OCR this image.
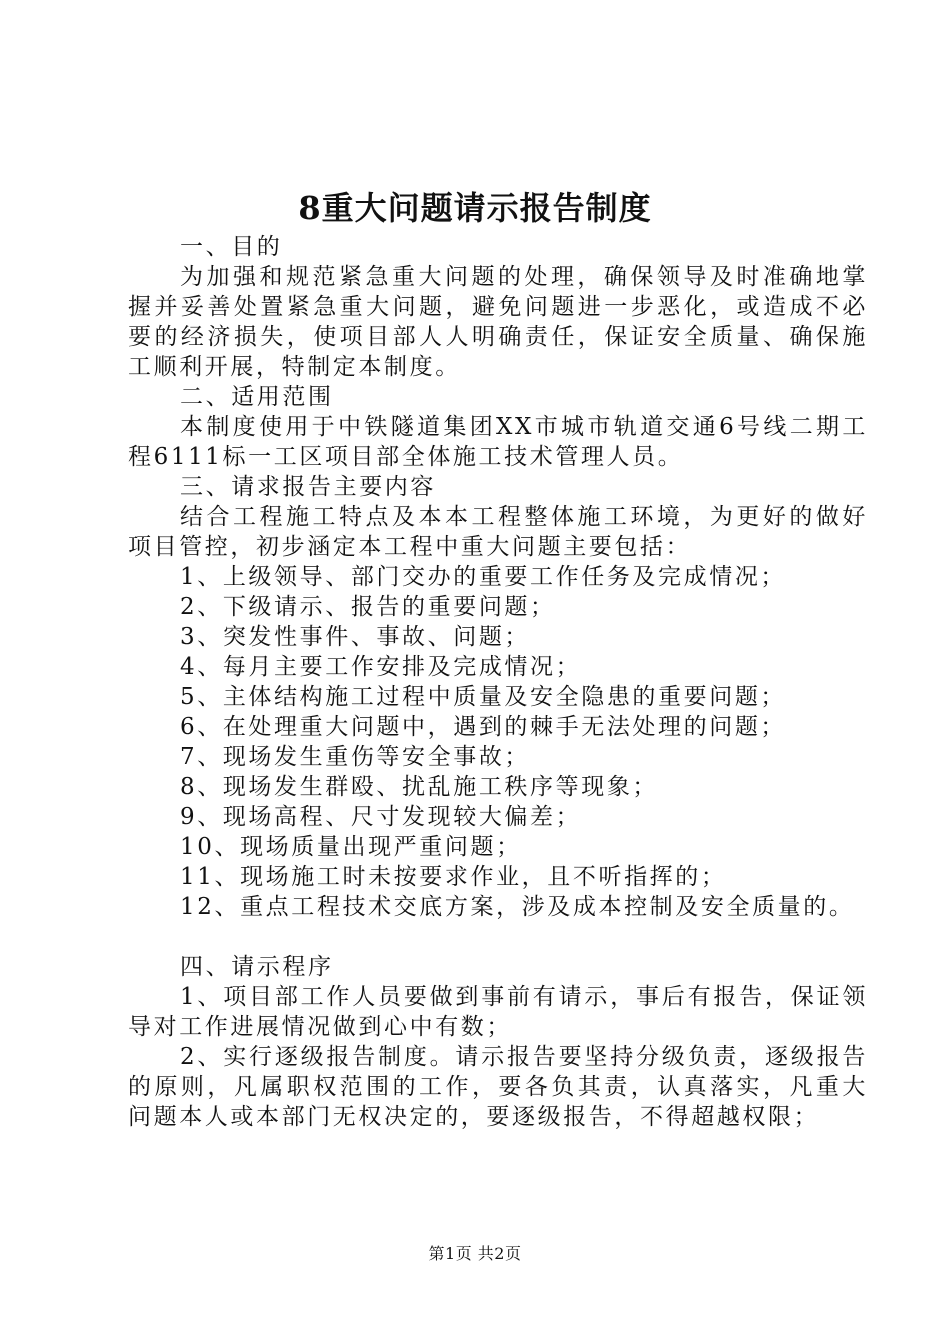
8重大问题请示报告制度

一、目的

为加强和规范紧急重大问题的处理，确保领导及时准确地掌握并妥善处置紧急重大问题，避免问题进一步恶化，或造成不必要的经济损失，使项目部人人明确责任，保证安全质量、确保施工顺利开展，特制定本制度。

二、适用范围

本制度使用于中铁隧道集团XX市城市轨道交通6号线二期工程6111标一工区项目部全体施工技术管理人员。

三、请求报告主要内容

结合工程施工特点及本本工程整体施工环境，为更好的做好项目管控，初步涵定本工程中重大问题主要包括：

1、上级领导、部门交办的重要工作任务及完成情况；

2、下级请示、报告的重要问题；

3、突发性事件、事故、问题；

4、每月主要工作安排及完成情况；

5、主体结构施工过程中质量及安全隐患的重要问题；

6、在处理重大问题中，遇到的棘手无法处理的问题；

7、现场发生重伤等安全事故；

8、现场发生群殴、扰乱施工秩序等现象；

9、现场高程、尺寸发现较大偏差；

10、现场质量出现严重问题；

11、现场施工时未按要求作业，且不听指挥的；

12、重点工程技术交底方案，涉及成本控制及安全质量的。

四、请示程序

1、项目部工作人员要做到事前有请示，事后有报告，保证领导对工作进展情况做到心中有数；

2、实行逐级报告制度。请示报告要坚持分级负责，逐级报告的原则，凡属职权范围的工作，要各负其责，认真落实，凡重大问题本人或本部门无权决定的，要逐级报告，不得超越权限；

第1页 共2页
